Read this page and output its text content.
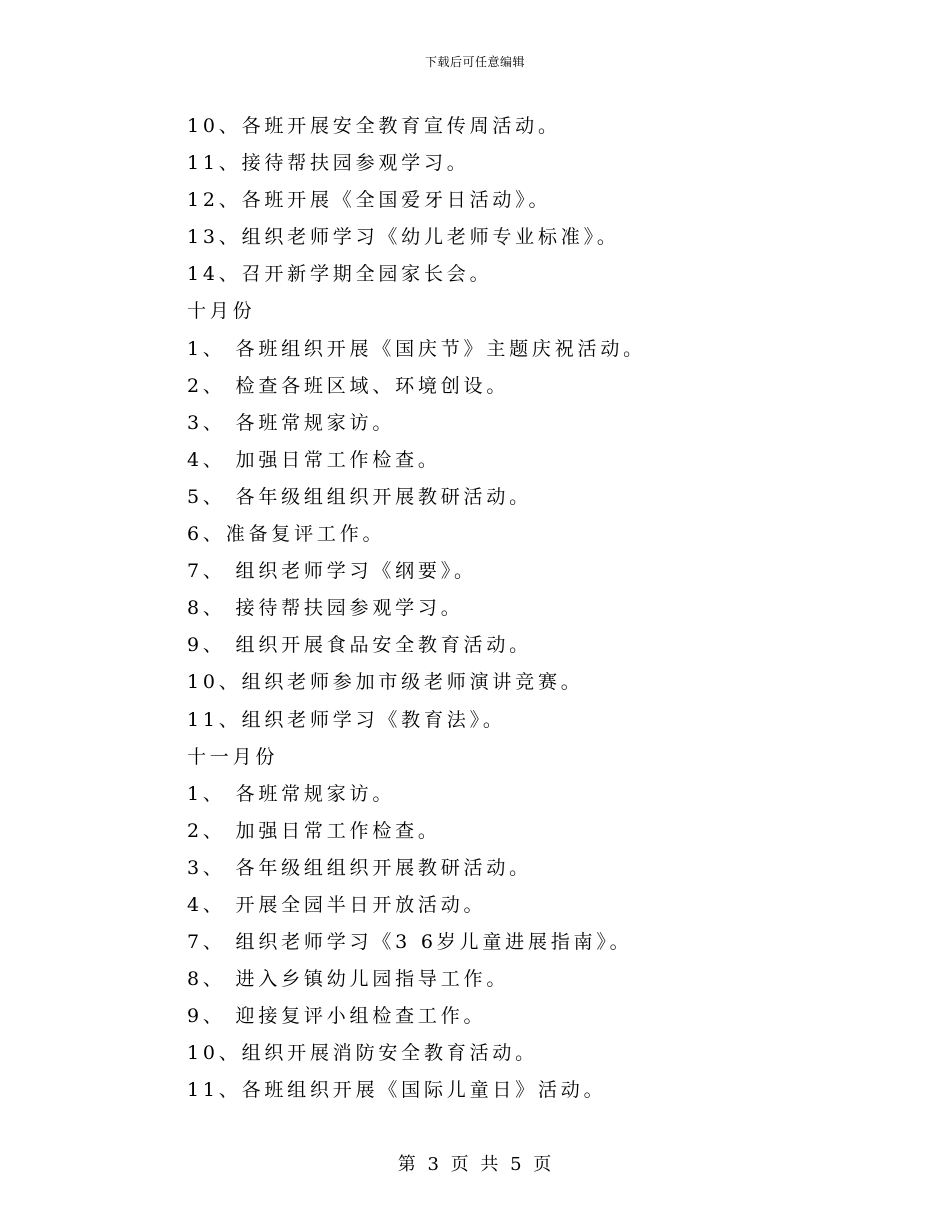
下载后可任意编辑
10、各班开展安全教育宣传周活动。
11、接待帮扶园参观学习。
12、各班开展《全国爱牙日活动》。
13、组织老师学习《幼儿老师专业标准》。
14、召开新学期全园家长会。
十月份
1、 各班组织开展《国庆节》主题庆祝活动。
2、 检查各班区域、环境创设。
3、 各班常规家访。
4、 加强日常工作检查。
5、 各年级组组织开展教研活动。
6、准备复评工作。
7、 组织老师学习《纲要》。
8、 接待帮扶园参观学习。
9、 组织开展食品安全教育活动。
10、组织老师参加市级老师演讲竞赛。
11、组织老师学习《教育法》。
十一月份
1、 各班常规家访。
2、 加强日常工作检查。
3、 各年级组组织开展教研活动。
4、 开展全园半日开放活动。
7、 组织老师学习《3 6岁儿童进展指南》。
8、 进入乡镇幼儿园指导工作。
9、 迎接复评小组检查工作。
10、组织开展消防安全教育活动。
11、各班组织开展《国际儿童日》活动。
第 3 页 共 5 页
